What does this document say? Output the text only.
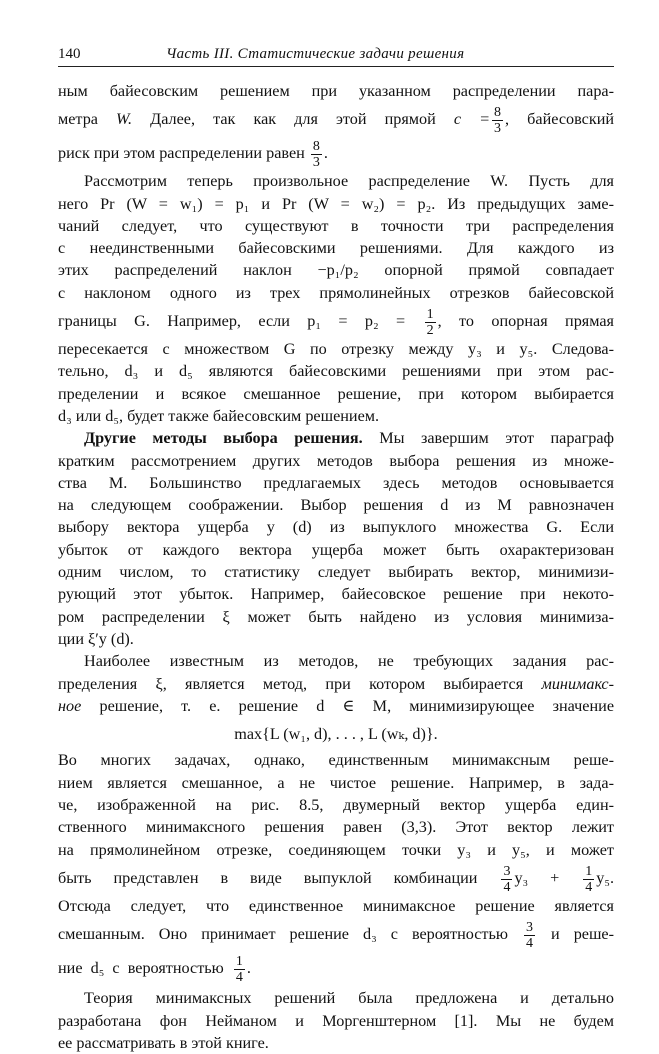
140	Часть III. Статистические задачи решения

ным байесовским решением при указанном распределении пара-
метра W. Далее, так как для этой прямой $c = \frac{8}{3}$ , байесовский
риск при этом распределении равен $\frac{8}{3}$ .

Рассмотрим теперь произвольное распределение W. Пусть для
него Pr (W = w₁) = p₁ и Pr (W = w₂) = p₂. Из предыдущих заме-
чаний следует, что существуют в точности три распределения
с неединственными байесовскими решениями. Для каждого из
этих распределений наклон −p₁/p₂ опорной прямой совпадает
с наклоном одного из трех прямолинейных отрезков байесовской
границы G. Например, если $p_1 = p_2 = \frac{1}{2}$ , то опорная прямая
пересекается с множеством G по отрезку между y₃ и y₅. Следова-
тельно, d₃ и d₅ являются байесовскими решениями при этом рас-
пределении и всякое смешанное решение, при котором выбирается
d₃ или d₅, будет также байесовским решением.

Другие методы выбора решения. Мы завершим этот параграф
кратким рассмотрением других методов выбора решения из множе-
ства M. Большинство предлагаемых здесь методов основывается
на следующем соображении. Выбор решения d из M равнозначен
выбору вектора ущерба y (d) из выпуклого множества G. Если
убыток от каждого вектора ущерба может быть охарактеризован
одним числом, то статистику следует выбирать вектор, минимизи-
рующий этот убыток. Например, байесовское решение при некото-
ром распределении ξ может быть найдено из условия минимиза-
ции ξ′y (d).

Наиболее известным из методов, не требующих задания рас-
пределения ξ, является метод, при котором выбирается минимакс-
ное решение, т. е. решение d ∈ M, минимизирующее значение
max{L (w₁, d), . . . , L (wₖ, d)}.

Во многих задачах, однако, единственным минимаксным реше-
нием является смешанное, а не чистое решение. Например, в зада-
че, изображенной на рис. 8.5, двумерный вектор ущерба един-
ственного минимаксного решения равен (3,3). Этот вектор лежит
на прямолинейном отрезке, соединяющем точки y₃ и y₅, и может
быть представлен в виде выпуклой комбинации $\frac{3}{4} y_3 + \frac{1}{4} y_5$.
Отсюда следует, что единственное минимаксное решение является
смешанным. Оно принимает решение d₃ с вероятностью $\frac{3}{4}$ и реше-
ние  d₅  с  вероятностью $\frac{1}{4}$ .

Теория минимаксных решений была предложена и детально
разработана фон Нейманом и Моргенштерном [1]. Мы не будем
ее рассматривать в этой книге.
